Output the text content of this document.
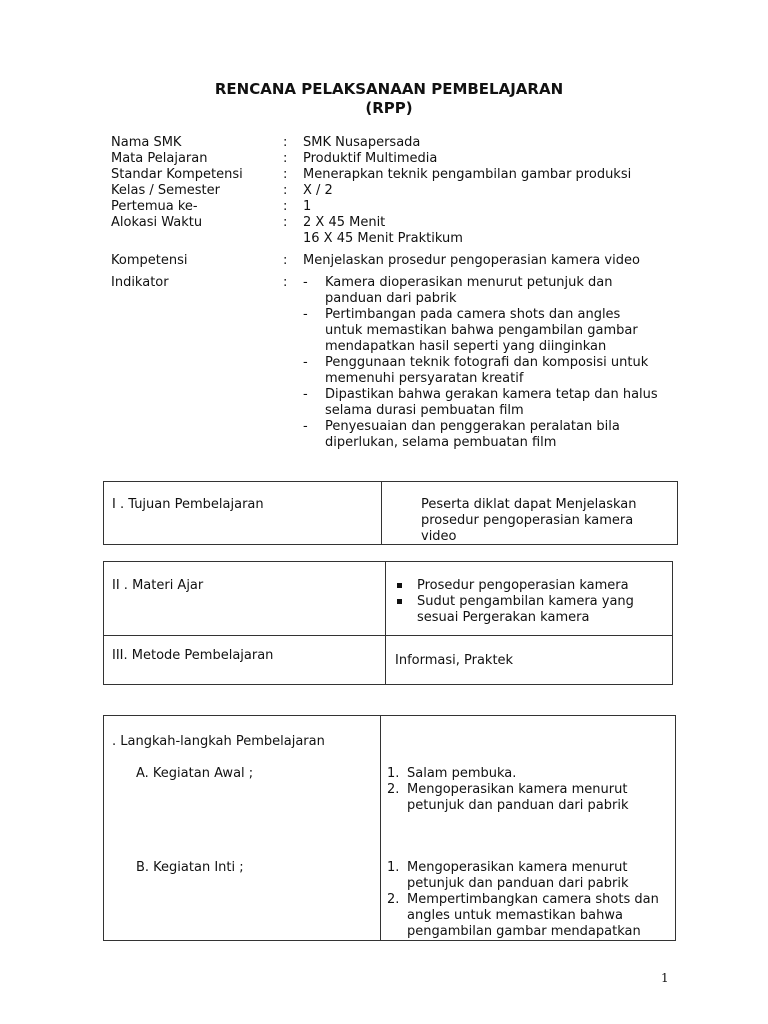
RENCANA PELAKSANAAN PEMBELAJARAN
(RPP)
Nama SMK	: SMK Nusapersada
Mata Pelajaran	: Produktif Multimedia
Standar Kompetensi	: Menerapkan teknik pengambilan gambar produksi
Kelas / Semester	: X / 2
Pertemua ke-	: 1
Alokasi Waktu	: 2 X 45 Menit
16 X 45 Menit Praktikum
Kompetensi	: Menjelaskan prosedur pengoperasian kamera video
Indikator	: - Kamera dioperasikan menurut petunjuk dan
panduan dari pabrik
- Pertimbangan pada camera shots dan angles
untuk memastikan bahwa pengambilan gambar
mendapatkan hasil seperti yang diinginkan
- Penggunaan teknik fotografi dan komposisi untuk
memenuhi persyaratan kreatif
- Dipastikan bahwa gerakan kamera tetap dan halus
selama durasi pembuatan film
- Penyesuaian dan penggerakan peralatan bila
diperlukan, selama pembuatan film
I . Tujuan Pembelajaran	Peserta diklat dapat Menjelaskan
prosedur pengoperasian kamera
video
II . Materi Ajar	Prosedur pengoperasian kamera
Sudut pengambilan kamera yang
sesuai Pergerakan kamera
III. Metode Pembelajaran	Informasi, Praktek
. Langkah-langkah Pembelajaran
A. Kegiatan Awal ;	1. Salam pembuka.
2. Mengoperasikan kamera menurut
petunjuk dan panduan dari pabrik
B. Kegiatan Inti ;	1. Mengoperasikan kamera menurut
petunjuk dan panduan dari pabrik
2. Mempertimbangkan camera shots dan
angles untuk memastikan bahwa
pengambilan gambar mendapatkan
1
